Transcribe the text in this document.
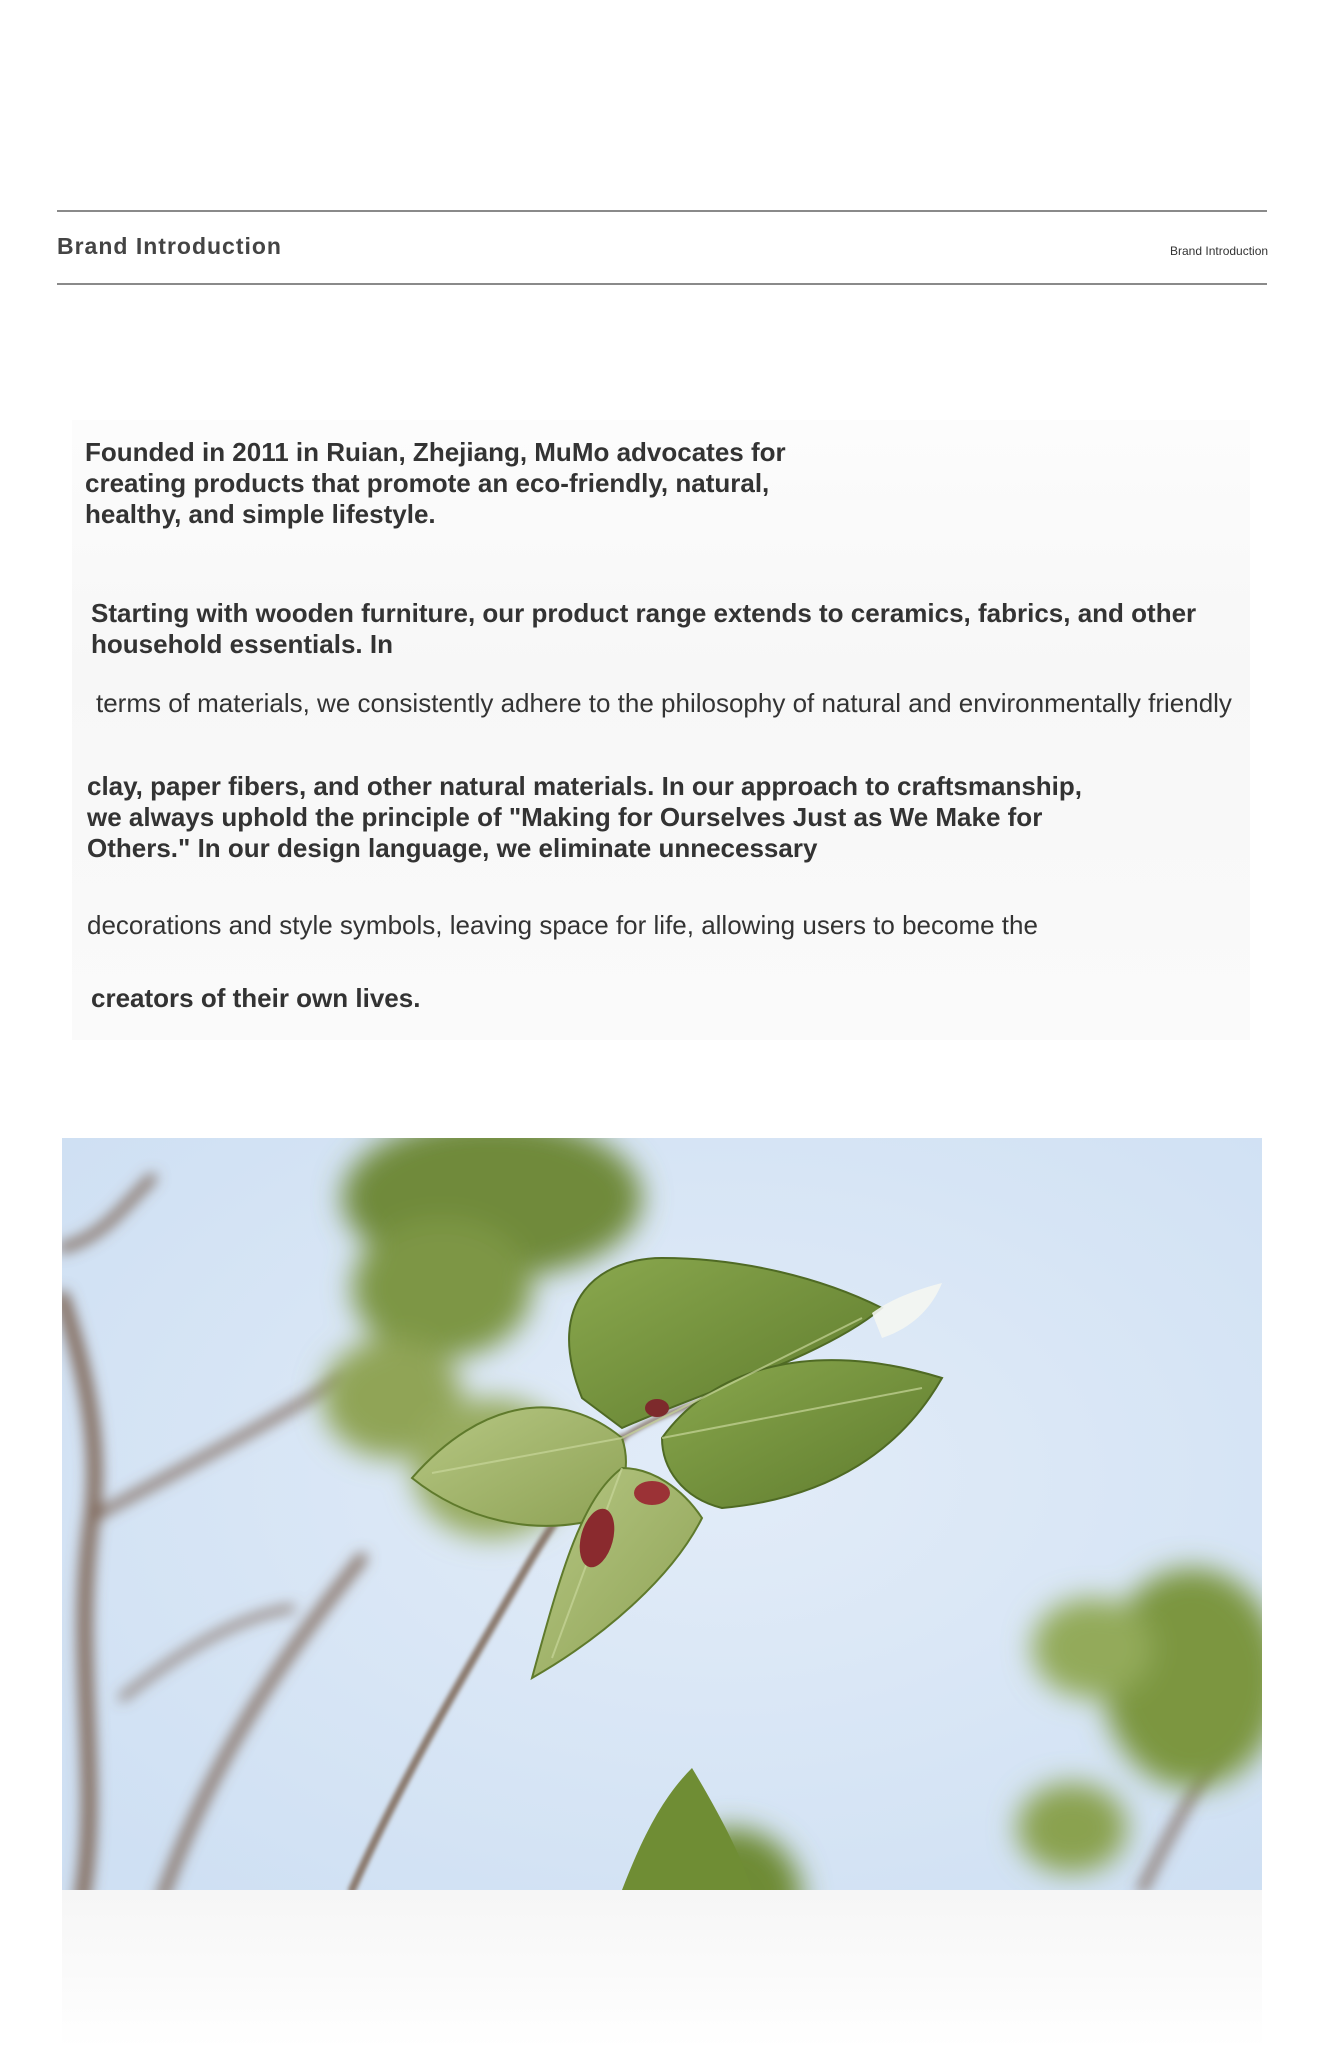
Brand Introduction	Brand Introduction
Founded in 2011 in Ruian, Zhejiang, MuMo advocates for creating products that promote an eco-friendly, natural, healthy, and simple lifestyle.
Starting with wooden furniture, our product range extends to ceramics, fabrics, and other household essentials. In
terms of materials, we consistently adhere to the philosophy of natural and environmentally friendly
clay, paper fibers, and other natural materials. In our approach to craftsmanship, we always uphold the principle of "Making for Ourselves Just as We Make for Others." In our design language, we eliminate unnecessary
decorations and style symbols, leaving space for life, allowing users to become the
creators of their own lives.
